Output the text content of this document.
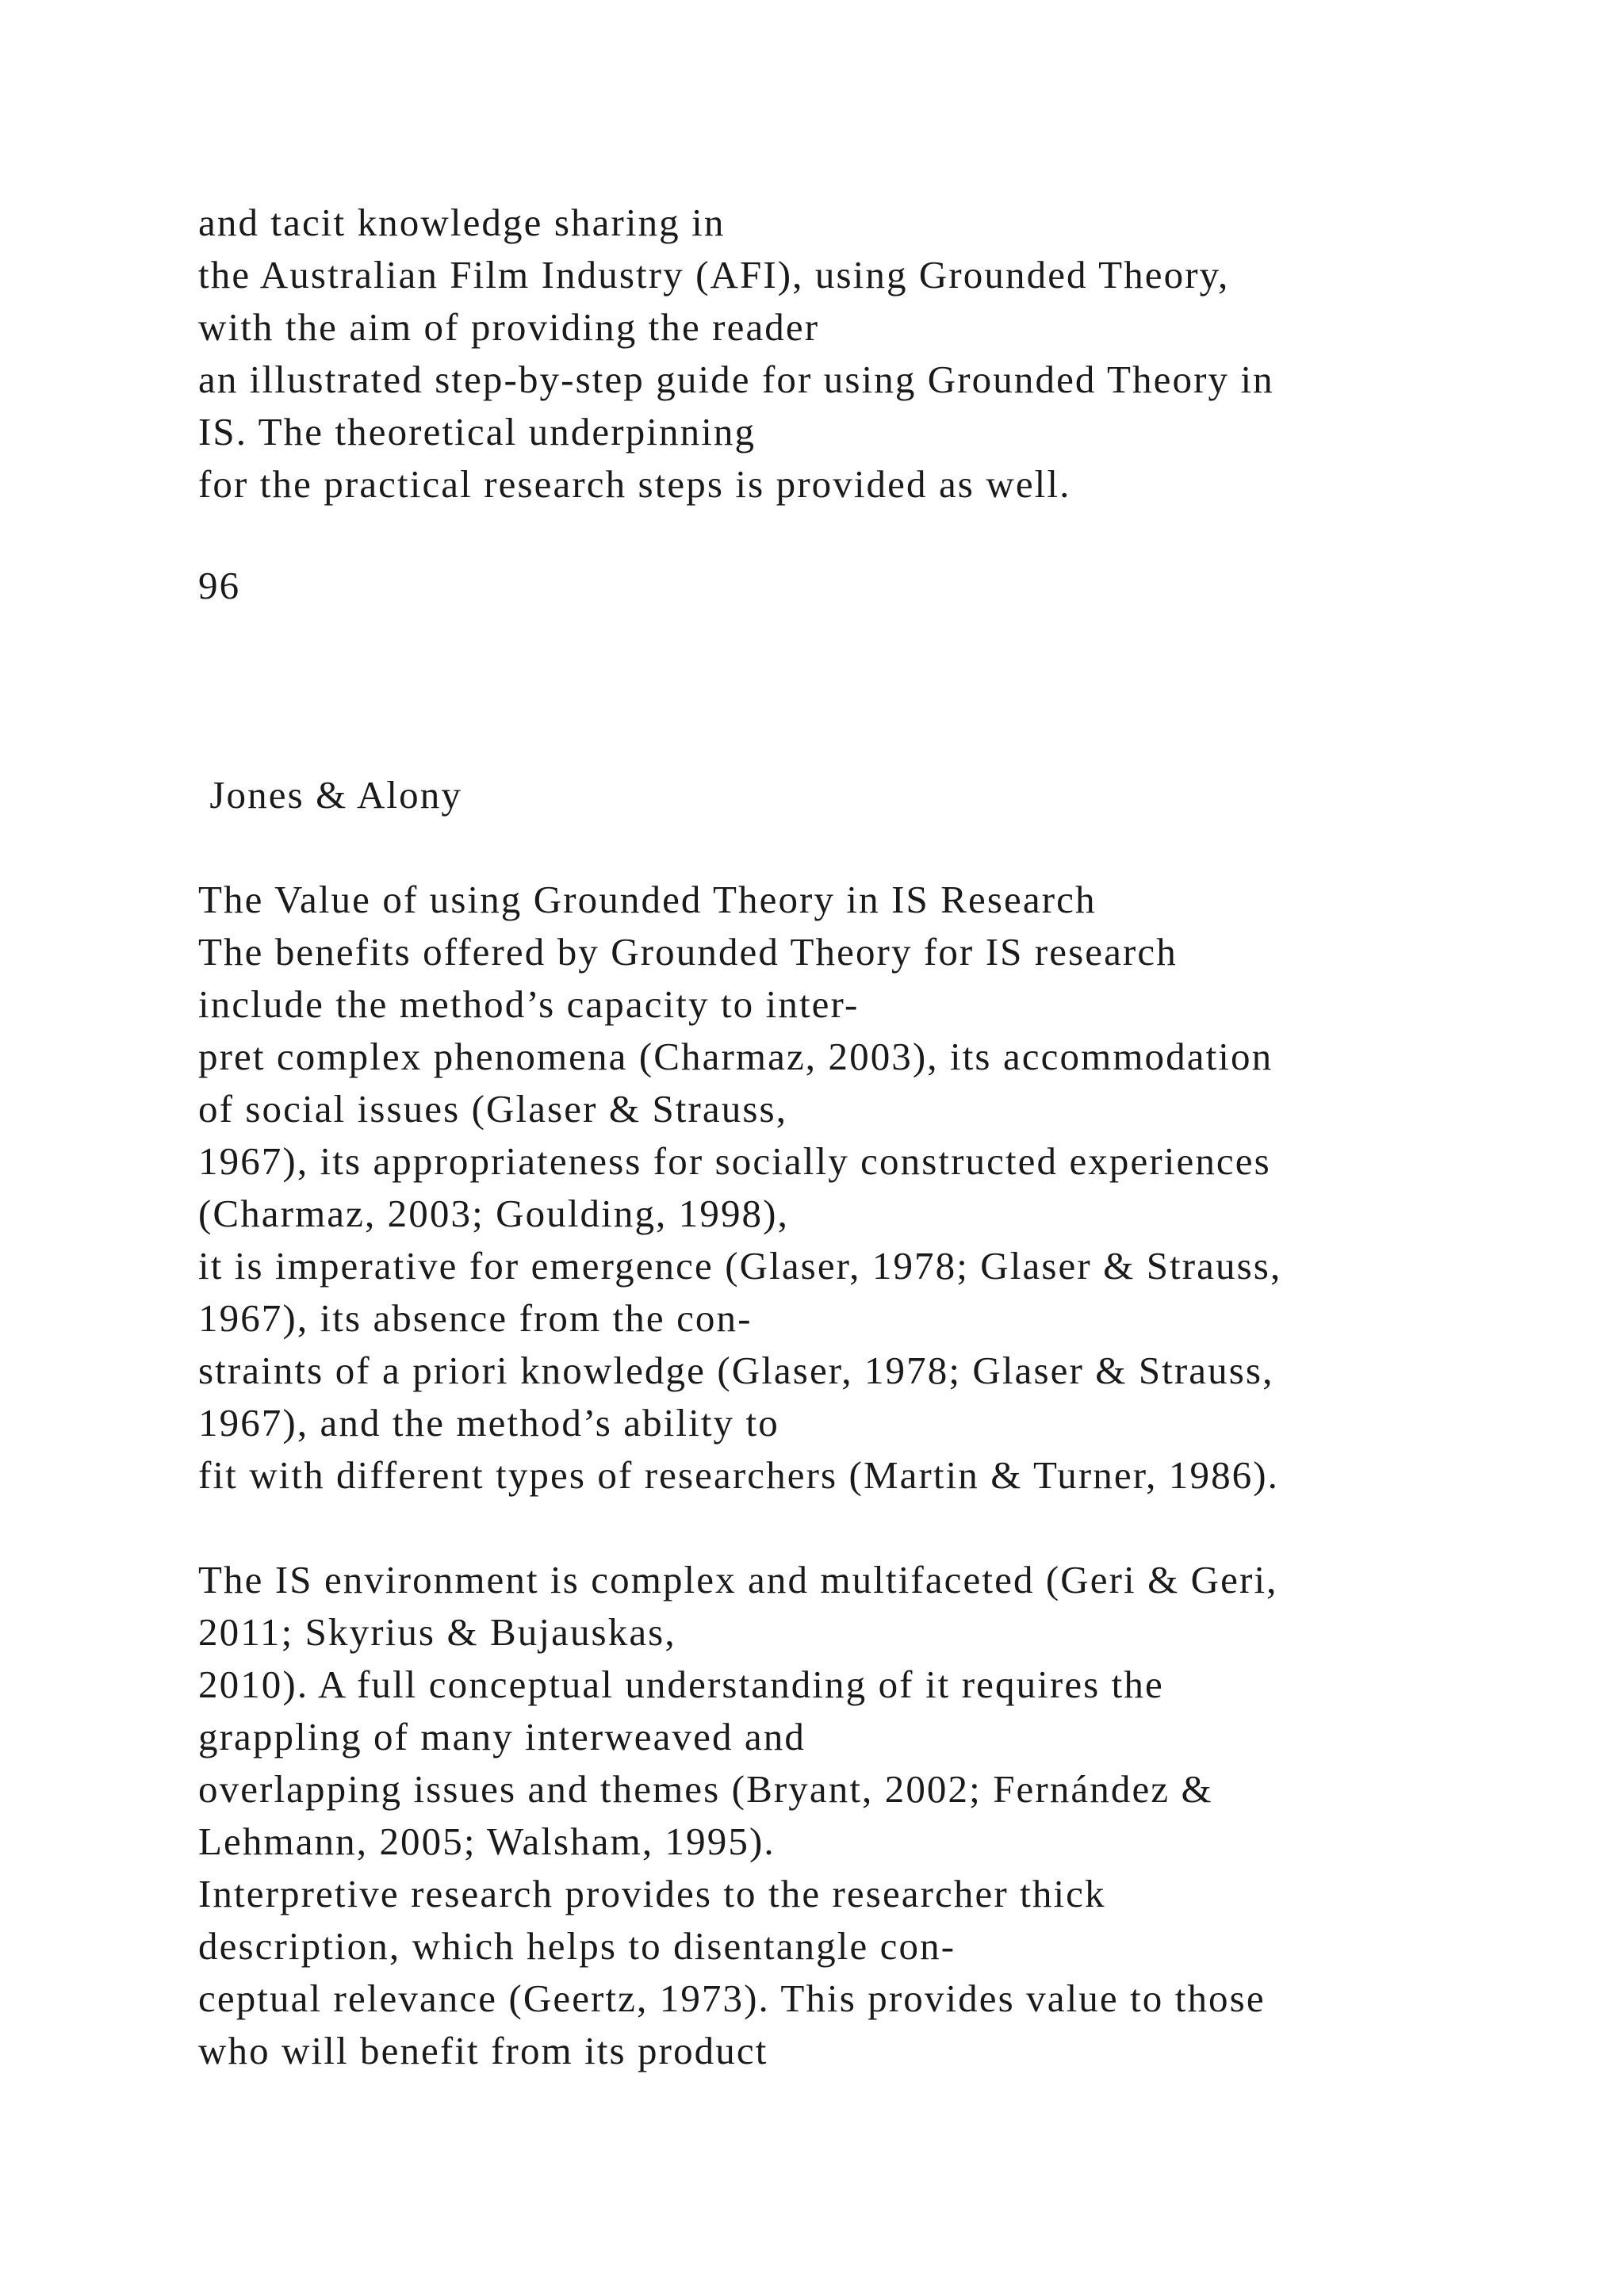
and tacit knowledge sharing in
the Australian Film Industry (AFI), using Grounded Theory,
with the aim of providing the reader
an illustrated step-by-step guide for using Grounded Theory in
IS. The theoretical underpinning
for the practical research steps is provided as well.
96
Jones & Alony
The Value of using Grounded Theory in IS Research
The benefits offered by Grounded Theory for IS research
include the method’s capacity to inter-
pret complex phenomena (Charmaz, 2003), its accommodation
of social issues (Glaser & Strauss,
1967), its appropriateness for socially constructed experiences
(Charmaz, 2003; Goulding, 1998),
it is imperative for emergence (Glaser, 1978; Glaser & Strauss,
1967), its absence from the con-
straints of a priori knowledge (Glaser, 1978; Glaser & Strauss,
1967), and the method’s ability to
fit with different types of researchers (Martin & Turner, 1986).
The IS environment is complex and multifaceted (Geri & Geri,
2011; Skyrius & Bujauskas,
2010). A full conceptual understanding of it requires the
grappling of many interweaved and
overlapping issues and themes (Bryant, 2002; Fernández &
Lehmann, 2005; Walsham, 1995).
Interpretive research provides to the researcher thick
description, which helps to disentangle con-
ceptual relevance (Geertz, 1973). This provides value to those
who will benefit from its product
